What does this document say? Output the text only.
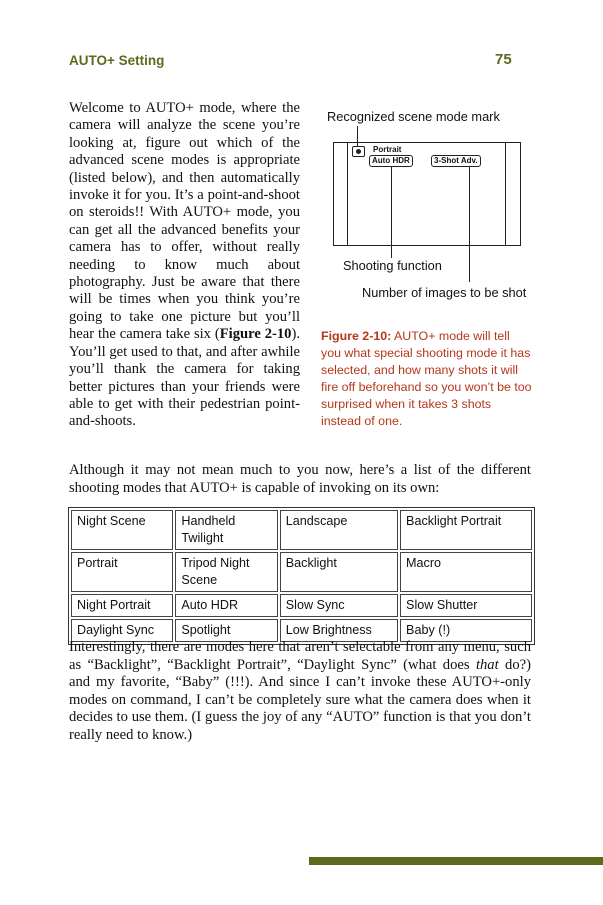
AUTO+ Setting	75
Welcome to AUTO+ mode, where the camera will analyze the scene you’re looking at, figure out which of the advanced scene modes is appropriate (listed below), and then automatically invoke it for you. It’s a point-and-shoot on steroids!! With AUTO+ mode, you can get all the advanced benefits your camera has to offer, without really needing to know much about photography. Just be aware that there will be times when you think you’re going to take one picture but you’ll hear the camera take six (Figure 2-10). You’ll get used to that, and after awhile you’ll thank the camera for taking better pictures than your friends were able to get with their pedestrian point-and-shoots.
Recognized scene mode mark
Portrait
Auto HDR	3-Shot Adv.
Shooting function
Number of images to be shot
Figure 2-10: AUTO+ mode will tell you what special shooting mode it has selected, and how many shots it will fire off beforehand so you won’t be too surprised when it takes 3 shots instead of one.
Although it may not mean much to you now, here’s a list of the different shooting modes that AUTO+ is capable of invoking on its own:
Night Scene	Handheld Twilight	Landscape	Backlight Portrait
Portrait	Tripod Night Scene	Backlight	Macro
Night Portrait	Auto HDR	Slow Sync	Slow Shutter
Daylight Sync	Spotlight	Low Brightness	Baby (!)
Interestingly, there are modes here that aren’t selectable from any menu, such as “Backlight”, “Backlight Portrait”, “Daylight Sync” (what does that do?) and my favorite, “Baby” (!!!). And since I can’t invoke these AUTO+-only modes on command, I can’t be completely sure what the camera does when it decides to use them. (I guess the joy of any “AUTO” function is that you don’t really need to know.)
